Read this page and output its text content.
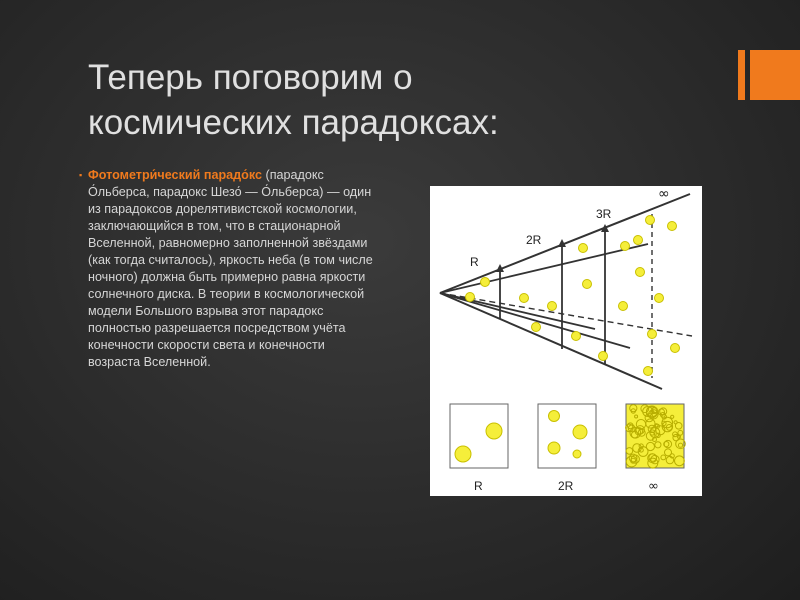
Теперь поговорим о
космических парадоксах:
▪ Фотометри́ческий парадо́кс (парадокс О́льберса, парадокс Шезо́ — О́льберса) — один из парадоксов дорелятивистской космологии, заключающийся в том, что в стационарной Вселенной, равномерно заполненной звёздами (как тогда считалось), яркость неба (в том числе ночного) должна быть примерно равна яркости солнечного диска. В теории в космологической модели Большого взрыва этот парадокс полностью разрешается посредством учёта конечности скорости света и конечности возраста Вселенной.
R
2R
3R
∞
R	2R	∞
